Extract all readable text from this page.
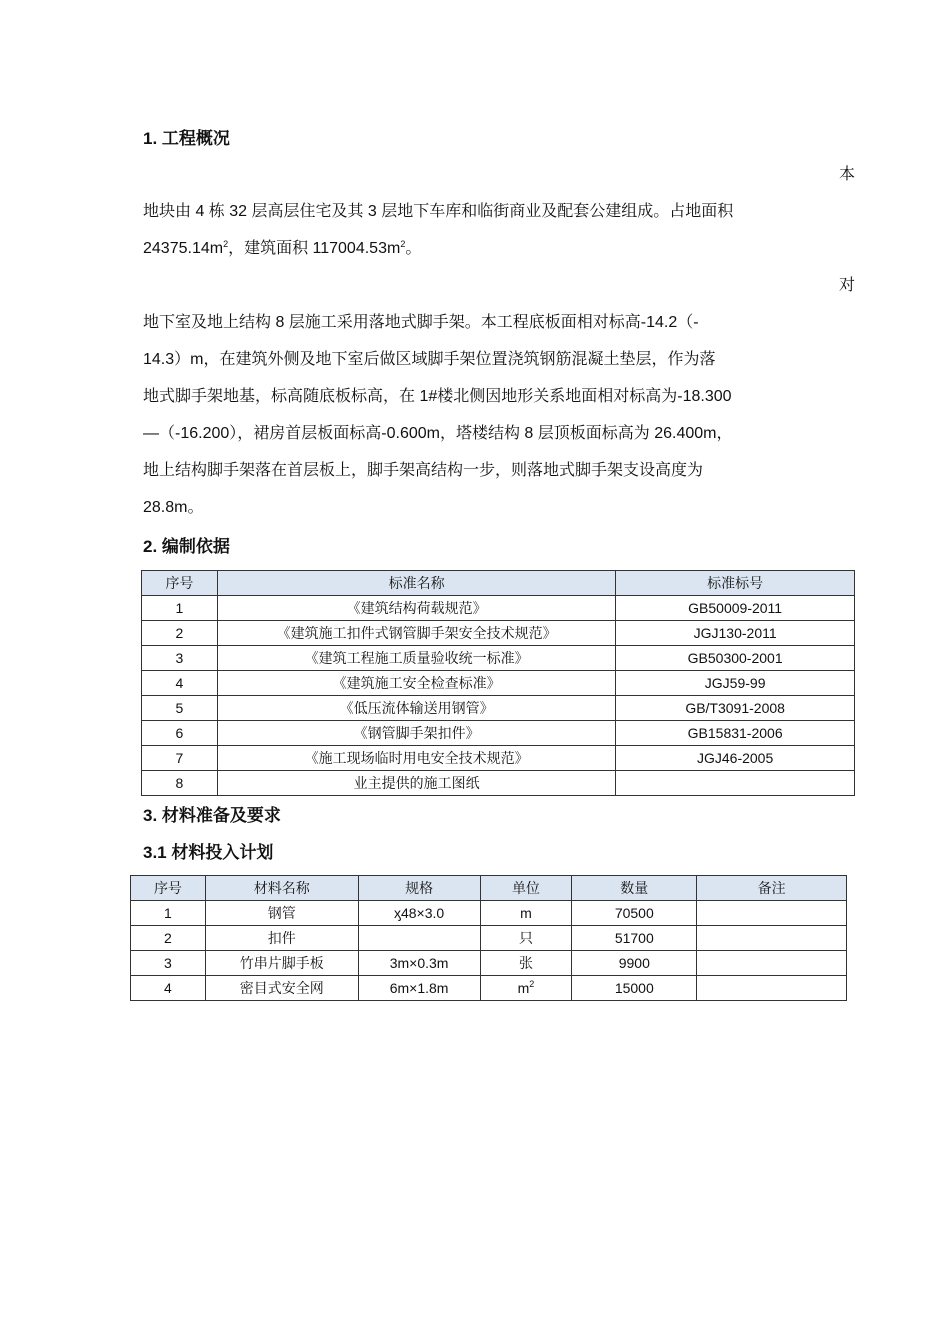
1. 工程概况
本
地块由 4 栋 32 层高层住宅及其 3 层地下车库和临街商业及配套公建组成。占地面积
$24375.14m^2$，建筑面积 $117004.53m^2$。
对
地下室及地上结构 8 层施工采用落地式脚手架。本工程底板面相对标高-14.2（-
14.3）m，在建筑外侧及地下室后做区域脚手架位置浇筑钢筋混凝土垫层，作为落
地式脚手架地基，标高随底板标高，在 1#楼北侧因地形关系地面相对标高为-18.300
—（-16.200），裙房首层板面标高-0.600m，塔楼结构 8 层顶板面标高为 26.400m，
地上结构脚手架落在首层板上，脚手架高结构一步，则落地式脚手架支设高度为
28.8m。
2. 编制依据
序号	标准名称	标准标号
1	《建筑结构荷载规范》	GB50009-2011
2	《建筑施工扣件式钢管脚手架安全技术规范》	JGJ130-2011
3	《建筑工程施工质量验收统一标准》	GB50300-2001
4	《建筑施工安全检查标准》	JGJ59-99
5	《低压流体输送用钢管》	GB/T3091-2008
6	《钢管脚手架扣件》	GB15831-2006
7	《施工现场临时用电安全技术规范》	JGJ46-2005
8	业主提供的施工图纸	
3. 材料准备及要求
3.1 材料投入计划
序号	材料名称	规格	单位	数量	备注
1	钢管	ӽ48×3.0	m	70500	
2	扣件		只	51700	
3	竹串片脚手板	3m×0.3m	张	9900	
4	密目式安全网	6m×1.8m	$m^2$	15000	
